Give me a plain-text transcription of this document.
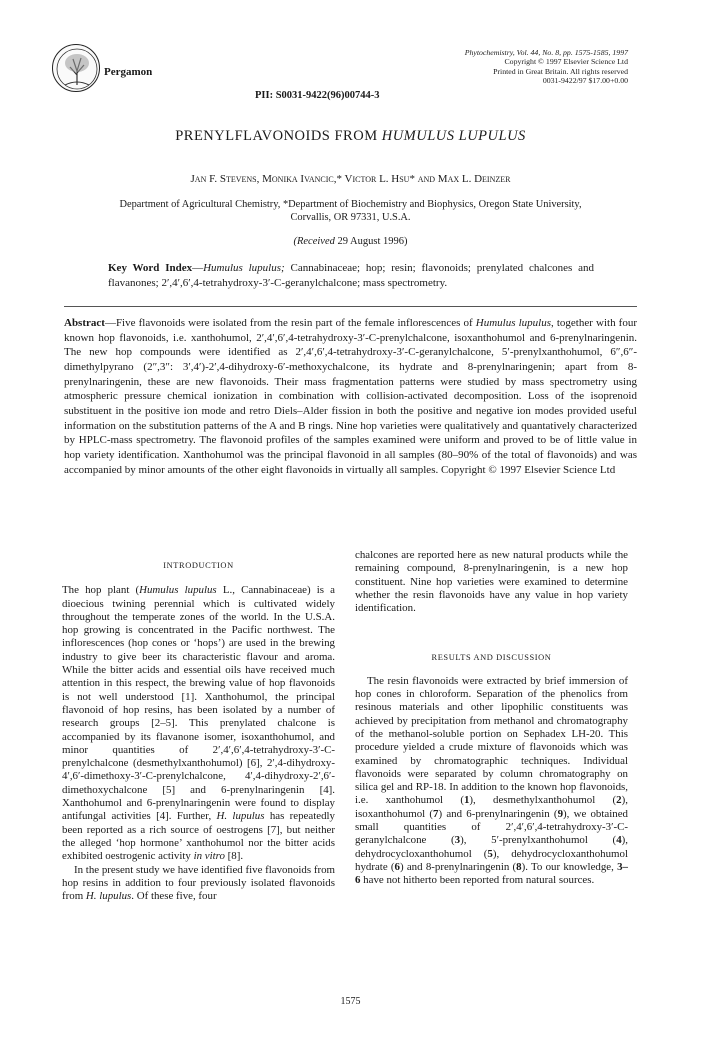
Pergamon
PII: S0031-9422(96)00744-3
Phytochemistry, Vol. 44, No. 8, pp. 1575-1585, 1997
Copyright © 1997 Elsevier Science Ltd
Printed in Great Britain. All rights reserved
0031-9422/97 $17.00+0.00
PRENYLFLAVONOIDS FROM HUMULUS LUPULUS
Jan F. Stevens, Monika Ivancic,* Victor L. Hsu* and Max L. Deinzer
Department of Agricultural Chemistry, *Department of Biochemistry and Biophysics, Oregon State University,
Corvallis, OR 97331, U.S.A.
(Received 29 August 1996)
Key Word Index—Humulus lupulus; Cannabinaceae; hop; resin; flavonoids; prenylated chalcones and flavanones; 2′,4′,6′,4-tetrahydroxy-3′-C-geranylchalcone; mass spectrometry.
Abstract—Five flavonoids were isolated from the resin part of the female inflorescences of Humulus lupulus, together with four known hop flavonoids, i.e. xanthohumol, 2′,4′,6′,4-tetrahydroxy-3′-C-prenylchalcone, isoxanthohumol and 6-prenylnaringenin. The new hop compounds were identified as 2′,4′,6′,4-tetrahydroxy-3′-C-geranylchalcone, 5′-prenylxanthohumol, 6″,6″-dimethylpyrano (2″,3″: 3′,4′)-2′,4-dihydroxy-6′-methoxychalcone, its hydrate and 8-prenylnaringenin; apart from 8-prenylnaringenin, these are new flavonoids. Their mass fragmentation patterns were studied by mass spectrometry using atmospheric pressure chemical ionization in combination with collision-activated decomposition. Loss of the isoprenoid substituent in the positive ion mode and retro Diels–Alder fission in both the positive and negative ion modes provided useful information on the substitution patterns of the A and B rings. Nine hop varieties were qualitatively and quantatively characterized by HPLC-mass spectrometry. The flavonoid profiles of the samples examined were uniform and proved to be of little value in hop variety identification. Xanthohumol was the principal flavonoid in all samples (80–90% of the total of flavonoids) and was accompanied by minor amounts of the other eight flavonoids in virtually all samples. Copyright © 1997 Elsevier Science Ltd
INTRODUCTION

The hop plant (Humulus lupulus L., Cannabinaceae) is a dioecious twining perennial which is cultivated widely throughout the temperate zones of the world. In the U.S.A. hop growing is concentrated in the Pacific northwest. The inflorescences (hop cones or ‘hops’) are used in the brewing industry to give beer its characteristic flavour and aroma. While the bitter acids and essential oils have received much attention in this respect, the brewing value of hop flavonoids is not well understood [1]. Xanthohumol, the principal flavonoid of hop resins, has been isolated by a number of research groups [2–5]. This prenylated chalcone is accompanied by its flavanone isomer, isoxanthohumol, and minor quantities of 2′,4′,6′,4-tetrahydroxy-3′-C-prenylchalcone (desmethylxanthohumol) [6], 2′,4-dihydroxy-4′,6′-dimethoxy-3′-C-prenylchalcone, 4′,4-dihydroxy-2′,6′-dimethoxychalcone [5] and 6-prenylnaringenin [4]. Xanthohumol and 6-prenylnaringenin were found to display antifungal activities [4]. Further, H. lupulus has repeatedly been reported as a rich source of oestrogens [7], but neither the alleged ‘hop hormone’ xanthohumol nor the bitter acids exhibited oestrogenic activity in vitro [8].

In the present study we have identified five flavonoids from hop resins in addition to four previously isolated flavonoids from H. lupulus. Of these five, four

chalcones are reported here as new natural products while the remaining compound, 8-prenylnaringenin, is a new hop constituent. Nine hop varieties were examined to determine whether the resin flavonoids have any value in hop variety identification.

RESULTS AND DISCUSSION

The resin flavonoids were extracted by brief immersion of hop cones in chloroform. Separation of the phenolics from resinous materials and other lipophilic constituents was achieved by precipitation from methanol and chromatography of the methanol-soluble portion on Sephadex LH-20. This procedure yielded a crude mixture of flavonoids which was examined by chromatographic techniques. Individual flavonoids were separated by column chromatography on silica gel and RP-18. In addition to the known hop flavonoids, i.e. xanthohumol (1), desmethylxanthohumol (2), isoxanthohumol (7) and 6-prenylnaringenin (9), we obtained small quantities of 2′,4′,6′,4-tetrahydroxy-3′-C-geranylchalcone (3), 5′-prenylxanthohumol (4), dehydrocycloxanthohumol (5), dehydrocycloxanthohumol hydrate (6) and 8-prenylnaringenin (8). To our knowledge, 3–6 have not hitherto been reported from natural sources.

1575
